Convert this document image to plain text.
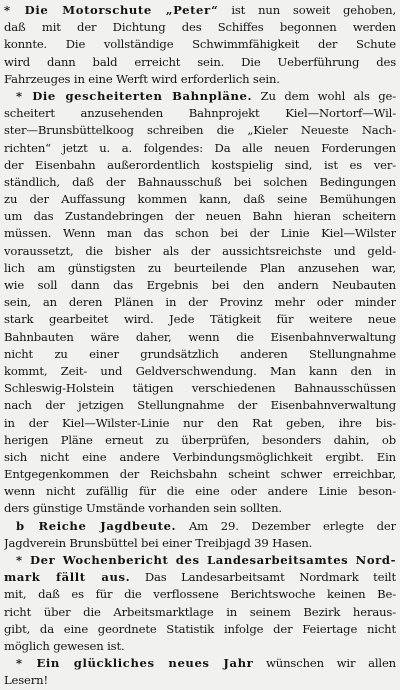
* Die Motorschute „Peter“ ist nun soweit gehoben,
daß mit der Dichtung des Schiffes begonnen werden
konnte. Die vollständige Schwimmfähigkeit der Schute
wird dann bald erreicht sein. Die Ueberführung des
Fahrzeuges in eine Werft wird erforderlich sein.
* Die gescheiterten Bahnpläne. Zu dem wohl als ge-
scheitert anzusehenden Bahnprojekt Kiel—Nortorf—Wil-
ster—Brunsbüttelkoog schreiben die „Kieler Neueste Nach-
richten“ jetzt u. a. folgendes: Da alle neuen Forderungen
der Eisenbahn außerordentlich kostspielig sind, ist es ver-
ständlich, daß der Bahnausschuß bei solchen Bedingungen
zu der Auffassung kommen kann, daß seine Bemühungen
um das Zustandebringen der neuen Bahn hieran scheitern
müssen. Wenn man das schon bei der Linie Kiel—Wilster
voraussetzt, die bisher als der aussichtsreichste und geld-
lich am günstigsten zu beurteilende Plan anzusehen war,
wie soll dann das Ergebnis bei den andern Neubauten
sein, an deren Plänen in der Provinz mehr oder minder
stark gearbeitet wird. Jede Tätigkeit für weitere neue
Bahnbauten wäre daher, wenn die Eisenbahnverwaltung
nicht zu einer grundsätzlich anderen Stellungnahme
kommt, Zeit- und Geldverschwendung. Man kann den in
Schleswig-Holstein tätigen verschiedenen Bahnausschüssen
nach der jetzigen Stellungnahme der Eisenbahnverwaltung
in der Kiel—Wilster-Linie nur den Rat geben, ihre bis-
herigen Pläne erneut zu überprüfen, besonders dahin, ob
sich nicht eine andere Verbindungsmöglichkeit ergibt. Ein
Entgegenkommen der Reichsbahn scheint schwer erreichbar,
wenn nicht zufällig für die eine oder andere Linie beson-
ders günstige Umstände vorhanden sein sollten.
b Reiche Jagdbeute. Am 29. Dezember erlegte der
Jagdverein Brunsbüttel bei einer Treibjagd 39 Hasen.
* Der Wochenbericht des Landesarbeitsamtes Nord-
mark fällt aus. Das Landesarbeitsamt Nordmark teilt
mit, daß es für die verflossene Berichtswoche keinen Be-
richt über die Arbeitsmarktlage in seinem Bezirk heraus-
gibt, da eine geordnete Statistik infolge der Feiertage nicht
möglich gewesen ist.
* Ein glückliches neues Jahr wünschen wir allen
Lesern!
